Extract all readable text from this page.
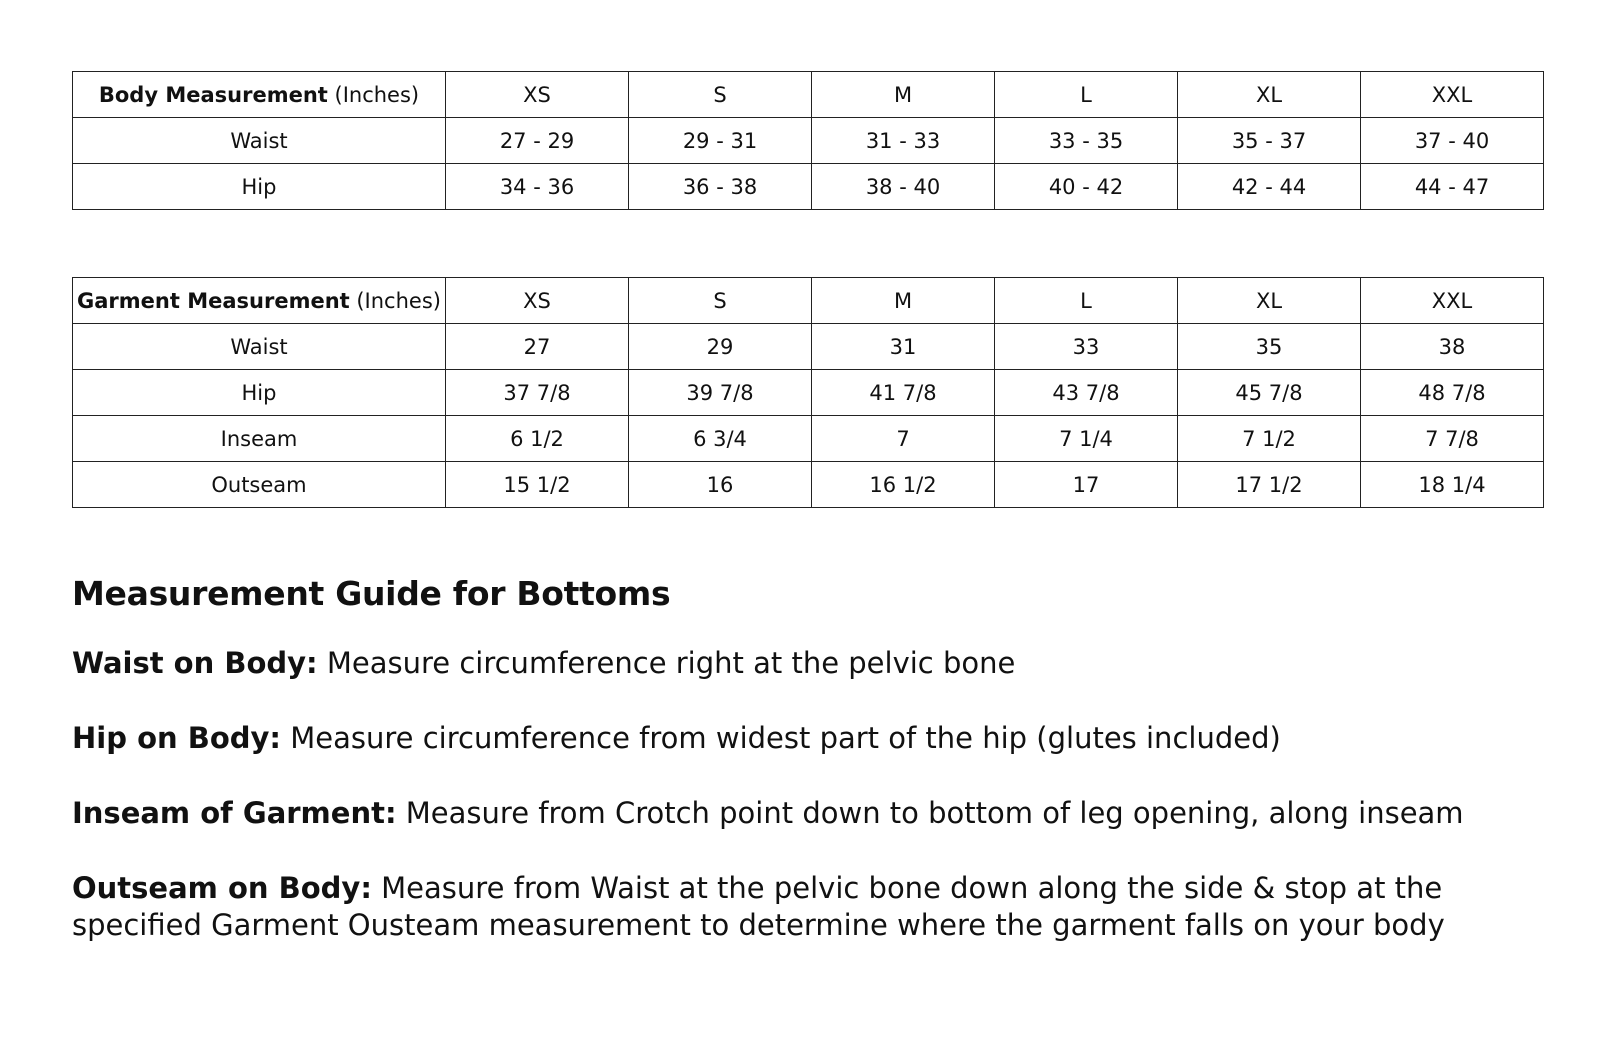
Body Measurement (Inches)	XS	S	M	L	XL	XXL
Waist	27 - 29	29 - 31	31 - 33	33 - 35	35 - 37	37 - 40
Hip	34 - 36	36 - 38	38 - 40	40 - 42	42 - 44	44 - 47
Garment Measurement (Inches)	XS	S	M	L	XL	XXL
Waist	27	29	31	33	35	38
Hip	37 7/8	39 7/8	41 7/8	43 7/8	45 7/8	48 7/8
Inseam	6 1/2	6 3/4	7	7 1/4	7 1/2	7 7/8
Outseam	15 1/2	16	16 1/2	17	17 1/2	18 1/4
Measurement Guide for Bottoms

Waist on Body: Measure circumference right at the pelvic bone

Hip on Body: Measure circumference from widest part of the hip (glutes included)

Inseam of Garment: Measure from Crotch point down to bottom of leg opening, along inseam

Outseam on Body: Measure from Waist at the pelvic bone down along the side & stop at the specified Garment Ousteam measurement to determine where the garment falls on your body
